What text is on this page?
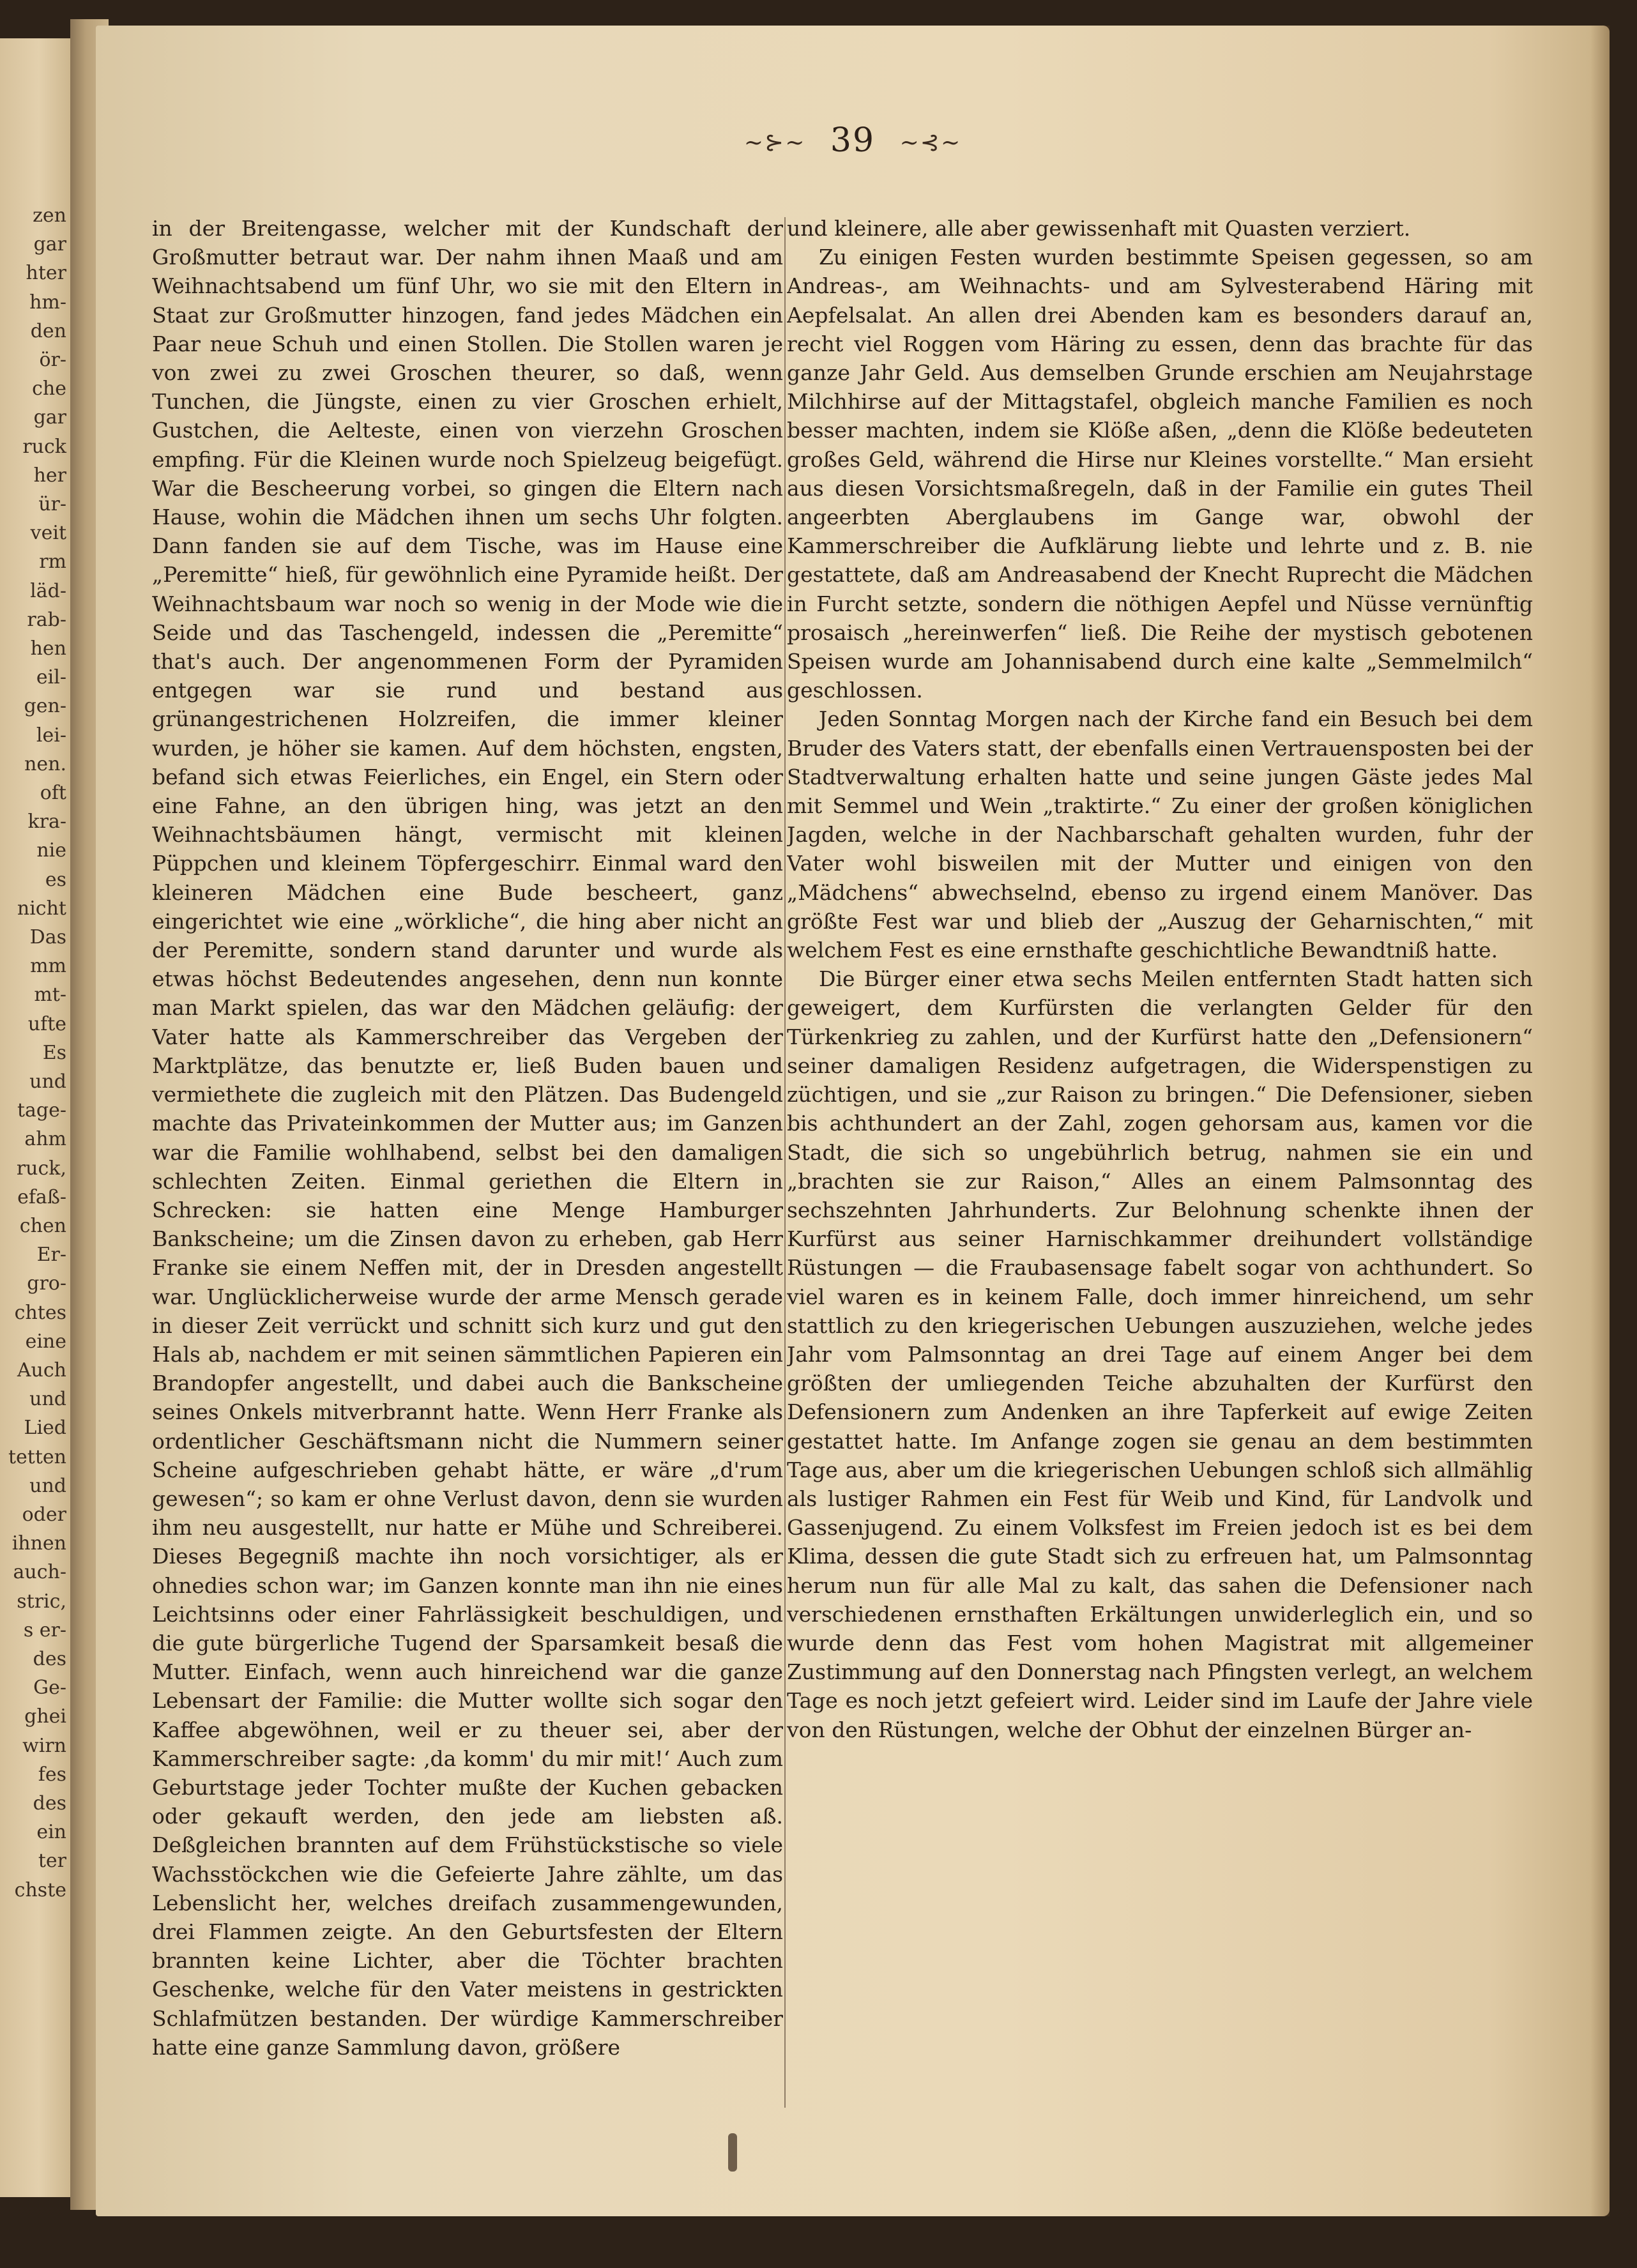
zen
gar
hter
hm-
den
ör-
che
gar
ruck
her
ür-
veit
rm
läd-
rab-
hen
eil-
gen-
lei-
nen.
oft
kra-
nie
es
nicht
Das
mm
mt-
ufte
Es
und
tage-
ahm
ruck,
efaß-
chen
Er-
gro-
chtes
eine
Auch
und
Lied
tetten
und
oder
ihnen
auch-
stric,
s er-
des
Ge-
ghei
wirn
fes
des
ein
ter
chste
~⊱~ 39 ~⊰~

in der Breitengasse, welcher mit der Kundschaft der Großmutter betraut war. Der nahm ihnen Maaß und am Weihnachtsabend um fünf Uhr, wo sie mit den Eltern in Staat zur Großmutter hinzogen, fand jedes Mädchen ein Paar neue Schuh und einen Stollen. Die Stollen waren je von zwei zu zwei Groschen theurer, so daß, wenn Tunchen, die Jüngste, einen zu vier Groschen erhielt, Gustchen, die Aelteste, einen von vierzehn Groschen empfing. Für die Kleinen wurde noch Spielzeug beigefügt. War die Bescheerung vorbei, so gingen die Eltern nach Hause, wohin die Mädchen ihnen um sechs Uhr folgten. Dann fanden sie auf dem Tische, was im Hause eine „Peremitte“ hieß, für gewöhnlich eine Pyramide heißt. Der Weihnachtsbaum war noch so wenig in der Mode wie die Seide und das Taschengeld, indessen die „Peremitte“ that's auch. Der angenommenen Form der Pyramiden entgegen war sie rund und bestand aus grünangestrichenen Holzreifen, die immer kleiner wurden, je höher sie kamen. Auf dem höchsten, engsten, befand sich etwas Feierliches, ein Engel, ein Stern oder eine Fahne, an den übrigen hing, was jetzt an den Weihnachtsbäumen hängt, vermischt mit kleinen Püppchen und kleinem Töpfergeschirr. Einmal ward den kleineren Mädchen eine Bude bescheert, ganz eingerichtet wie eine „wörkliche“, die hing aber nicht an der Peremitte, sondern stand darunter und wurde als etwas höchst Bedeutendes angesehen, denn nun konnte man Markt spielen, das war den Mädchen geläufig: der Vater hatte als Kammerschreiber das Vergeben der Marktplätze, das benutzte er, ließ Buden bauen und vermiethete die zugleich mit den Plätzen. Das Budengeld machte das Privateinkommen der Mutter aus; im Ganzen war die Familie wohlhabend, selbst bei den damaligen schlechten Zeiten. Einmal geriethen die Eltern in Schrecken: sie hatten eine Menge Hamburger Bankscheine; um die Zinsen davon zu erheben, gab Herr Franke sie einem Neffen mit, der in Dresden angestellt war. Unglücklicherweise wurde der arme Mensch gerade in dieser Zeit verrückt und schnitt sich kurz und gut den Hals ab, nachdem er mit seinen sämmtlichen Papieren ein Brandopfer angestellt, und dabei auch die Bankscheine seines Onkels mitverbrannt hatte. Wenn Herr Franke als ordentlicher Geschäftsmann nicht die Nummern seiner Scheine aufgeschrieben gehabt hätte, er wäre „d'rum gewesen“; so kam er ohne Verlust davon, denn sie wurden ihm neu ausgestellt, nur hatte er Mühe und Schreiberei. Dieses Begegniß machte ihn noch vorsichtiger, als er ohnedies schon war; im Ganzen konnte man ihn nie eines Leichtsinns oder einer Fahrlässigkeit beschuldigen, und die gute bürgerliche Tugend der Sparsamkeit besaß die Mutter. Einfach, wenn auch hinreichend war die ganze Lebensart der Familie: die Mutter wollte sich sogar den Kaffee abgewöhnen, weil er zu theuer sei, aber der Kammerschreiber sagte: ‚da komm' du mir mit!‘ Auch zum Geburtstage jeder Tochter mußte der Kuchen gebacken oder gekauft werden, den jede am liebsten aß. Deßgleichen brannten auf dem Frühstückstische so viele Wachsstöckchen wie die Gefeierte Jahre zählte, um das Lebenslicht her, welches dreifach zusammengewunden, drei Flammen zeigte. An den Geburtsfesten der Eltern brannten keine Lichter, aber die Töchter brachten Geschenke, welche für den Vater meistens in gestrickten Schlafmützen bestanden. Der würdige Kammerschreiber hatte eine ganze Sammlung davon, größere

und kleinere, alle aber gewissenhaft mit Quasten verziert.

Zu einigen Festen wurden bestimmte Speisen gegessen, so am Andreas-, am Weihnachts- und am Sylvesterabend Häring mit Aepfelsalat. An allen drei Abenden kam es besonders darauf an, recht viel Roggen vom Häring zu essen, denn das brachte für das ganze Jahr Geld. Aus demselben Grunde erschien am Neujahrstage Milchhirse auf der Mittagstafel, obgleich manche Familien es noch besser machten, indem sie Klöße aßen, „denn die Klöße bedeuteten großes Geld, während die Hirse nur Kleines vorstellte.“ Man ersieht aus diesen Vorsichtsmaßregeln, daß in der Familie ein gutes Theil angeerbten Aberglaubens im Gange war, obwohl der Kammerschreiber die Aufklärung liebte und lehrte und z. B. nie gestattete, daß am Andreasabend der Knecht Ruprecht die Mädchen in Furcht setzte, sondern die nöthigen Aepfel und Nüsse vernünftig prosaisch „hereinwerfen“ ließ. Die Reihe der mystisch gebotenen Speisen wurde am Johannisabend durch eine kalte „Semmelmilch“ geschlossen.

Jeden Sonntag Morgen nach der Kirche fand ein Besuch bei dem Bruder des Vaters statt, der ebenfalls einen Vertrauensposten bei der Stadtverwaltung erhalten hatte und seine jungen Gäste jedes Mal mit Semmel und Wein „traktirte.“ Zu einer der großen königlichen Jagden, welche in der Nachbarschaft gehalten wurden, fuhr der Vater wohl bisweilen mit der Mutter und einigen von den „Mädchens“ abwechselnd, ebenso zu irgend einem Manöver. Das größte Fest war und blieb der „Auszug der Geharnischten,“ mit welchem Fest es eine ernsthafte geschichtliche Bewandtniß hatte.

Die Bürger einer etwa sechs Meilen entfernten Stadt hatten sich geweigert, dem Kurfürsten die verlangten Gelder für den Türkenkrieg zu zahlen, und der Kurfürst hatte den „Defensionern“ seiner damaligen Residenz aufgetragen, die Widerspenstigen zu züchtigen, und sie „zur Raison zu bringen.“ Die Defensioner, sieben bis achthundert an der Zahl, zogen gehorsam aus, kamen vor die Stadt, die sich so ungebührlich betrug, nahmen sie ein und „brachten sie zur Raison,“ Alles an einem Palmsonntag des sechszehnten Jahrhunderts. Zur Belohnung schenkte ihnen der Kurfürst aus seiner Harnischkammer dreihundert vollständige Rüstungen — die Fraubasensage fabelt sogar von achthundert. So viel waren es in keinem Falle, doch immer hinreichend, um sehr stattlich zu den kriegerischen Uebungen auszuziehen, welche jedes Jahr vom Palmsonntag an drei Tage auf einem Anger bei dem größten der umliegenden Teiche abzuhalten der Kurfürst den Defensionern zum Andenken an ihre Tapferkeit auf ewige Zeiten gestattet hatte. Im Anfange zogen sie genau an dem bestimmten Tage aus, aber um die kriegerischen Uebungen schloß sich allmählig als lustiger Rahmen ein Fest für Weib und Kind, für Landvolk und Gassenjugend. Zu einem Volksfest im Freien jedoch ist es bei dem Klima, dessen die gute Stadt sich zu erfreuen hat, um Palmsonntag herum nun für alle Mal zu kalt, das sahen die Defensioner nach verschiedenen ernsthaften Erkältungen unwiderleglich ein, und so wurde denn das Fest vom hohen Magistrat mit allgemeiner Zustimmung auf den Donnerstag nach Pfingsten verlegt, an welchem Tage es noch jetzt gefeiert wird. Leider sind im Laufe der Jahre viele von den Rüstungen, welche der Obhut der einzelnen Bürger an-
